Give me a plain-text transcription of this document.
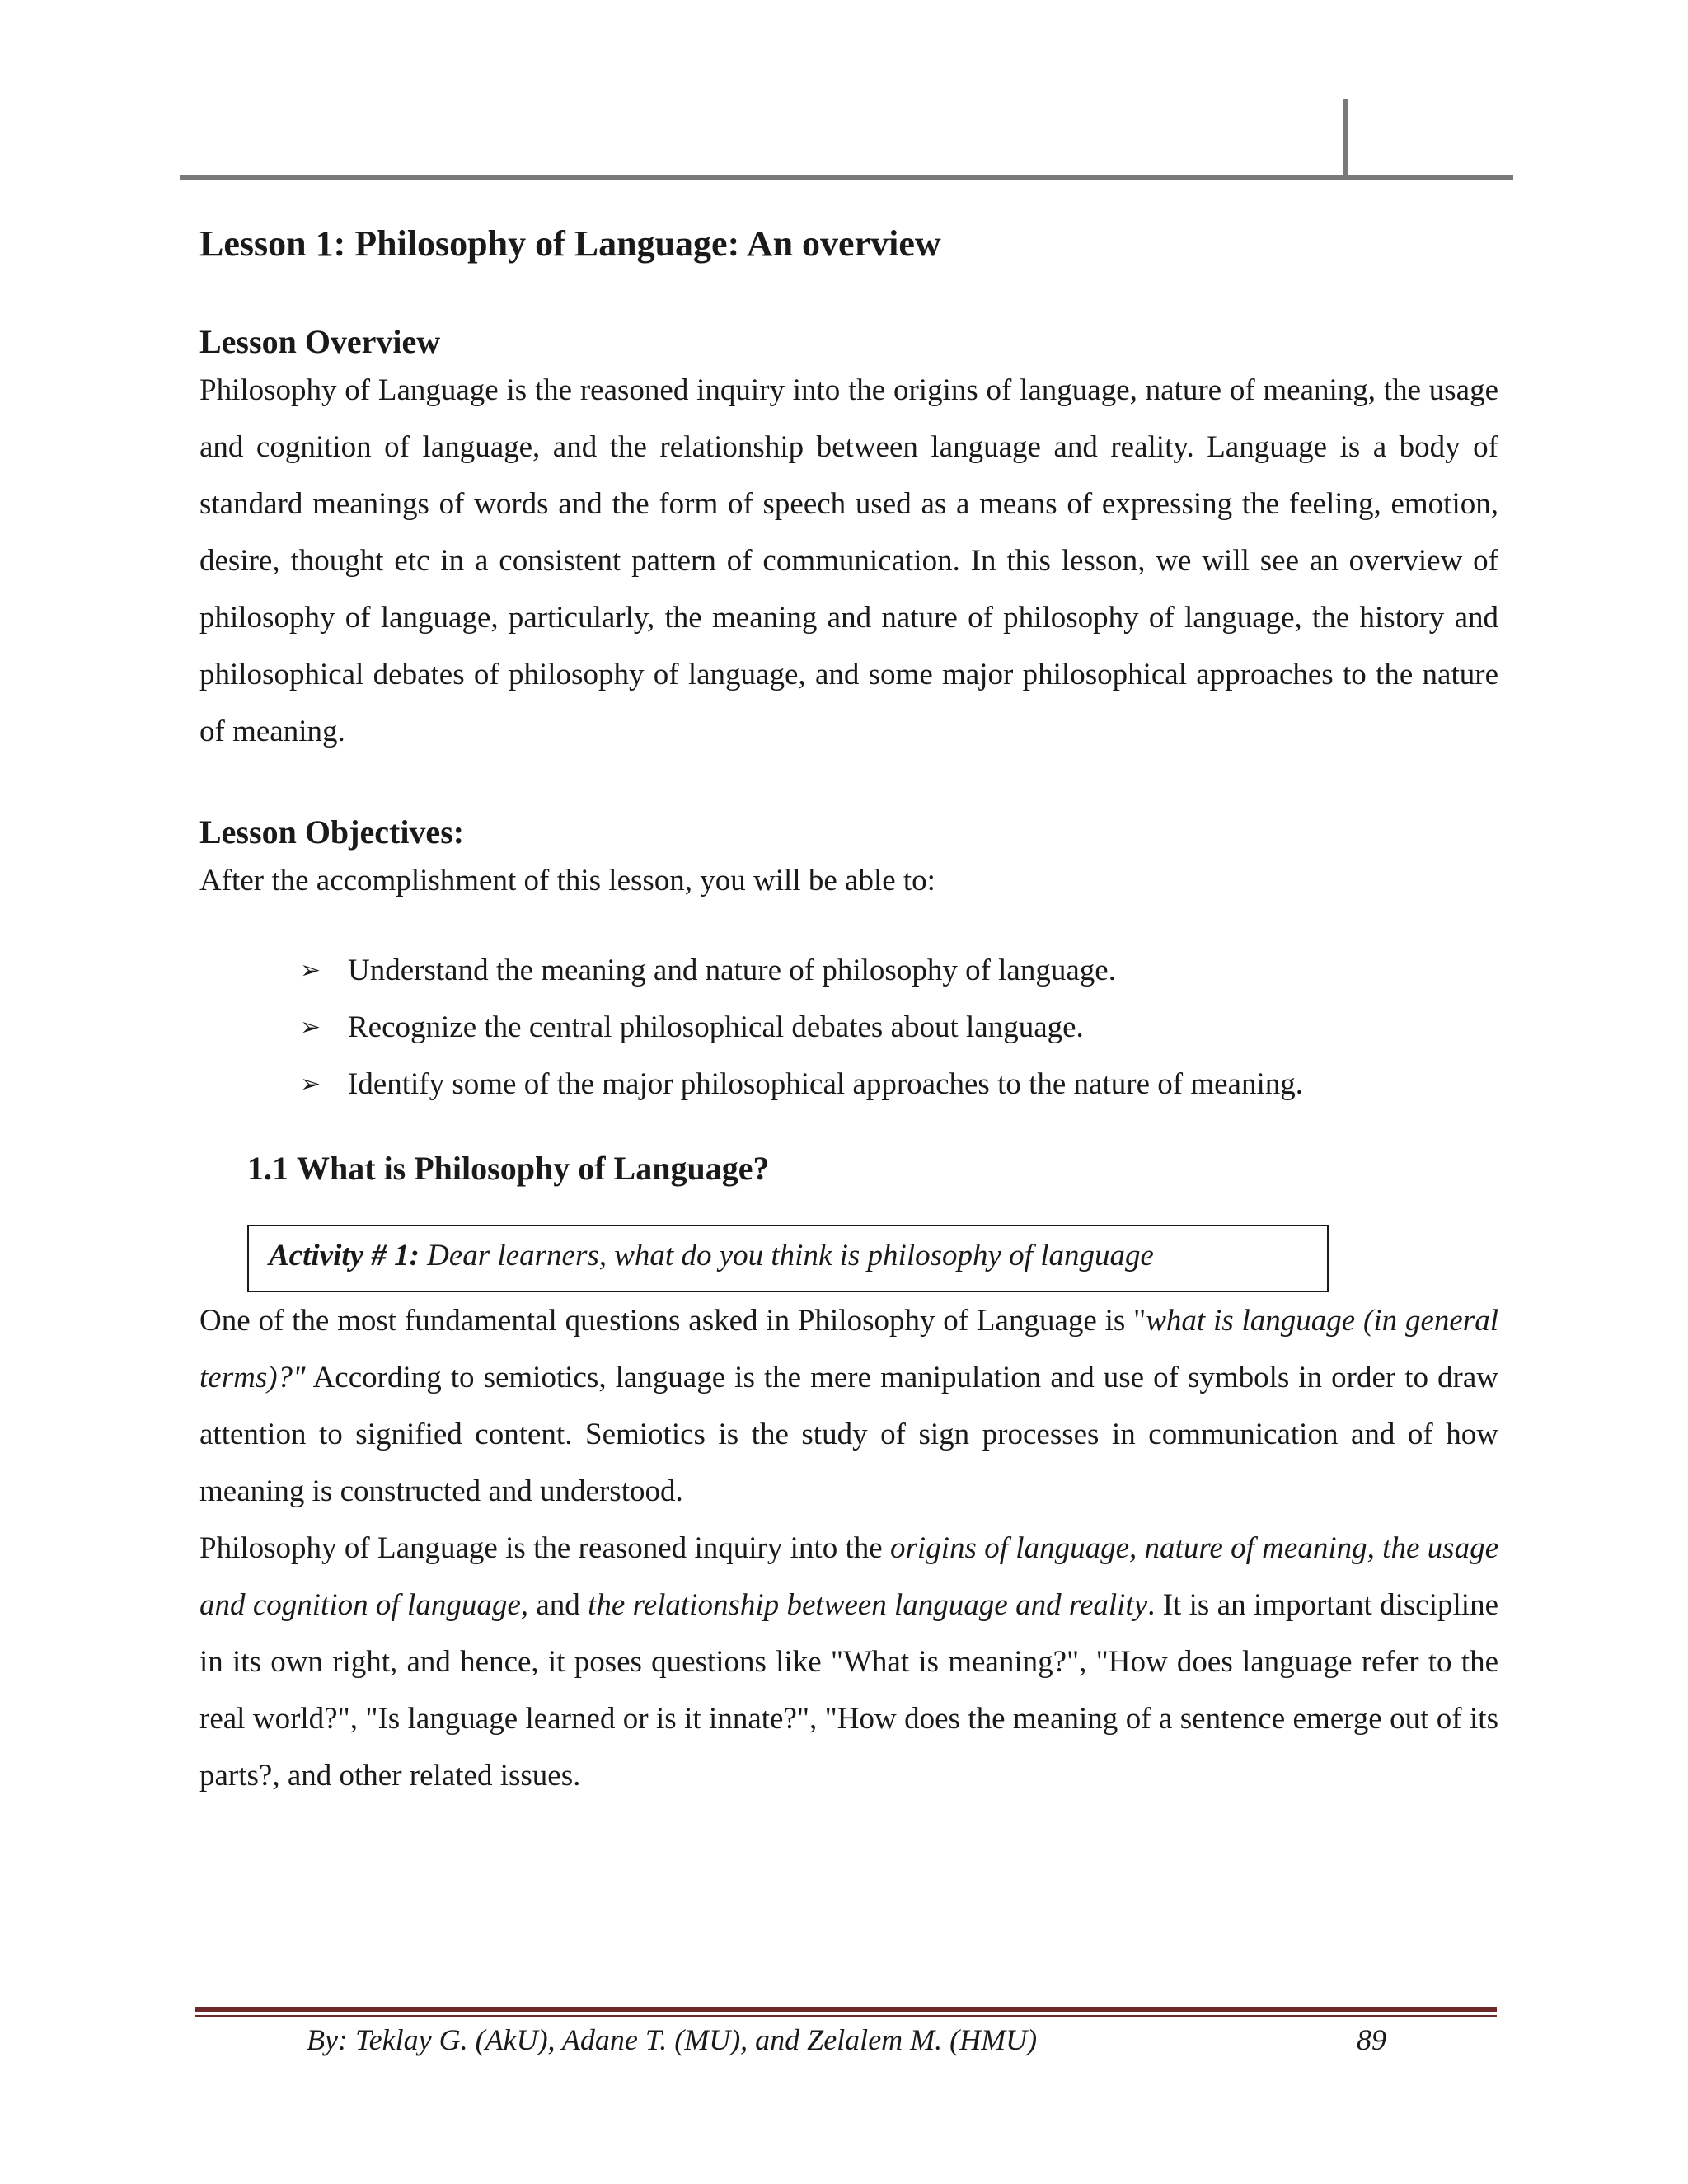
Lesson 1: Philosophy of Language: An overview
Lesson Overview

Philosophy of Language is the reasoned inquiry into the origins of language, nature of meaning, the usage and cognition of language, and the relationship between language and reality. Language is a body of standard meanings of words and the form of speech used as a means of expressing the feeling, emotion, desire, thought etc in a consistent pattern of communication. In this lesson, we will see an overview of philosophy of language, particularly, the meaning and nature of philosophy of language, the history and philosophical debates of philosophy of language, and some major philosophical approaches to the nature of meaning.

Lesson Objectives:

After the accomplishment of this lesson, you will be able to:

➢ Understand the meaning and nature of philosophy of language.
➢ Recognize the central philosophical debates about language.
➢ Identify some of the major philosophical approaches to the nature of meaning.
1.1 What is Philosophy of Language?
Activity # 1: Dear learners, what do you think is philosophy of language

One of the most fundamental questions asked in Philosophy of Language is "what is language (in general terms)?" According to semiotics, language is the mere manipulation and use of symbols in order to draw attention to signified content. Semiotics is the study of sign processes in communication and of how meaning is constructed and understood.

Philosophy of Language is the reasoned inquiry into the origins of language, nature of meaning, the usage and cognition of language, and the relationship between language and reality. It is an important discipline in its own right, and hence, it poses questions like "What is meaning?", "How does language refer to the real world?", "Is language learned or is it innate?", "How does the meaning of a sentence emerge out of its parts?, and other related issues.

By: Teklay G. (AkU), Adane T. (MU), and Zelalem M. (HMU)	89
